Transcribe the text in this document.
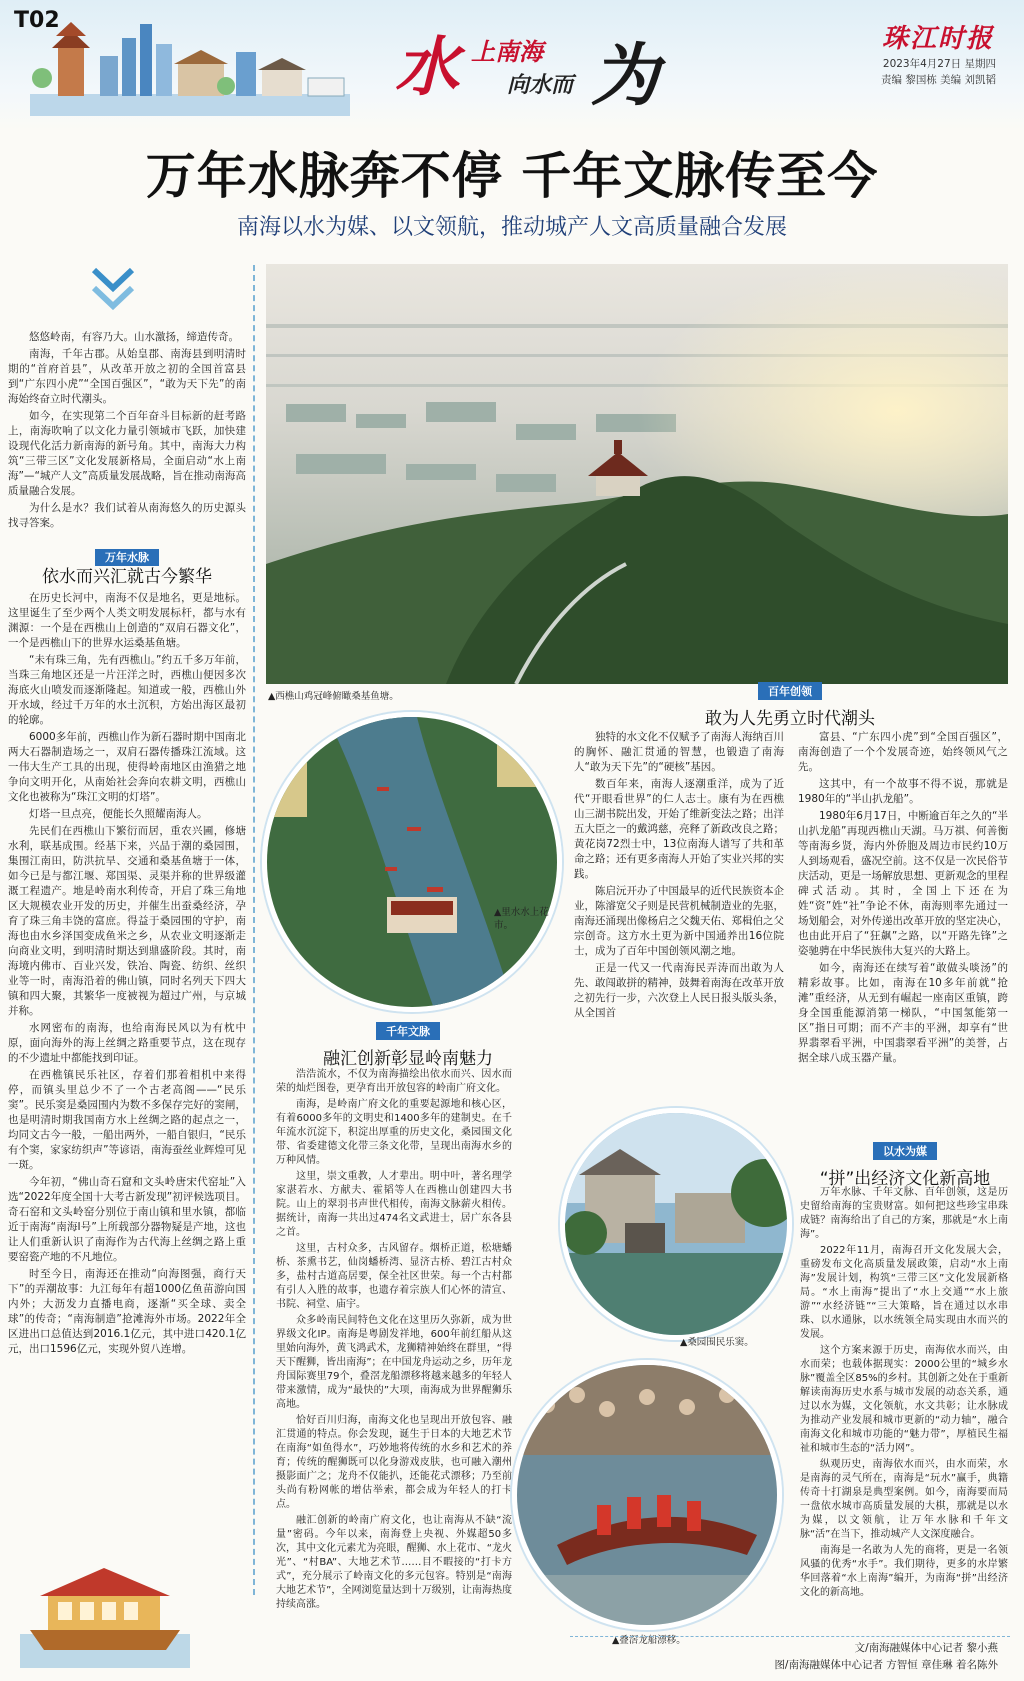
T02
水 上南海
向水而 为	珠江时报
2023年4月27日 星期四
责编 黎国栋 美编 刘凯韬
万年水脉奔不停 千年文脉传至今
南海以水为媒、以文领航，推动城产人文高质量融合发展

悠悠岭南，有容乃大。山水激扬，缔造传奇。

南海，千年古郡。从始皇郡、南海县到明清时期的“首府首县”，从改革开放之初的全国首富县到“广东四小虎”“全国百强区”，“敢为天下先”的南海始终奋立时代潮头。

如今，在实现第二个百年奋斗目标新的赶考路上，南海吹响了以文化力量引领城市飞跃，加快建设现代化活力新南海的新号角。其中，南海大力构筑“三带三区”文化发展新格局，全面启动“水上南海”—“城产人文”高质量发展战略，旨在推动南海高质量融合发展。

为什么是水？我们试着从南海悠久的历史源头找寻答案。

万年水脉
依水而兴汇就古今繁华

在历史长河中，南海不仅是地名，更是地标。这里诞生了至少两个人类文明发展标杆，都与水有渊源：一个是在西樵山上创造的“双肩石器文化”，一个是西樵山下的世界水运桑基鱼塘。

“未有珠三角，先有西樵山。”约五千多万年前，当珠三角地区还是一片汪洋之时，西樵山便因多次海底火山喷发而逐渐隆起。知道或一般，西樵山外开水域，经过千万年的水土沉积，方始出海区最初的轮廓。

6000多年前，西樵山作为新石器时期中国南北两大石器制造场之一，双肩石器传播珠江流域。这一伟大生产工具的出现，使得岭南地区由渔猎之地争向文明开化，从南始社会奔向农耕文明，西樵山文化也被称为“珠江文明的灯塔”。

灯塔一旦点亮，便能长久照耀南海人。

先民们在西樵山下繁衍而居，重农兴圃，修塘水利，联基成围。经基下来，兴品于潮的桑园围，集围江南田，防洪抗旱、交通和桑基鱼塘于一体，如今已是与都江堰、郑国渠、灵渠并称的世界级灌溉工程遗产。地是岭南水利传奇，开启了珠三角地区大规模农业开发的历史，并催生出蚕桑经济，孕育了珠三角丰饶的富庶。得益于桑园围的守护，南海也由水乡泽国变成鱼米之乡，从农业文明逐渐走向商业文明，到明清时期达到鼎盛阶段。其时，南海境内佛市、百业兴发，铁冶、陶瓷、纺织、丝织业等一时，南海沿着的佛山镇，同时名列天下四大镇和四大聚，其繁华一度被视为超过广州，与京城并称。

水网密布的南海，也给南海民风以为有枕中原，面向海外的海上丝绸之路重要节点，这在现存的不少遗址中都能找到印证。

在西樵镇民乐社区，存着们那着相机中来得停，而镇头里总少不了一个古老高阁——“民乐窦”。民乐窦是桑园围内为数不多保存完好的窦闸，也是明清时期我国南方水上丝绸之路的起点之一，均同文古今一般，一船出两外，一船自银归，“民乐有个窦，家家纺织声”等谚语，南海蚕丝业辉煌可见一斑。

今年初，“佛山奇石窟和文头岭唐宋代窑址”入选“2022年度全国十大考古新发现”初评候选项目。奇石窑和文头岭窑分别位于南山镇和里水镇，都临近于南海“南海I号”上所载部分器物疑是产地，这也让人们重新认识了南海作为古代海上丝绸之路上重要窑瓷产地的不凡地位。

时至今日，南海还在推动“向海图强，商行天下”的弄潮故事：九江每年有超1000亿鱼苗游向国内外；大沥发力直播电商，逐渐“买全球、卖全球”的传奇；“南海制造”抢滩海外市场。2022年全区进出口总值达到2016.1亿元，其中进口420.1亿元，出口1596亿元，实现外贸八连增。

▲西樵山鸡冠峰俯瞰桑基鱼塘。
▲里水水上花市。
百年创领
敢为人先勇立时代潮头

独特的水文化不仅赋予了南海人海纳百川的胸怀、融汇贯通的智慧，也锻造了南海人“敢为天下先”的“硬核”基因。

数百年来，南海人逐潮重洋，成为了近代“开眼看世界”的仁人志士。康有为在西樵山三湖书院出发，开始了维新变法之路；出洋五大臣之一的戴鸿慈，亮释了新政改良之路；黄花岗72烈士中，13位南海人谱写了共和革命之路；还有更多南海人开始了实业兴邦的实践。

陈启沅开办了中国最早的近代民族资本企业，陈濬宽父子则是民营机械制造业的先驱，南海还涌现出像杨启之父魏天佑、郑楫伯之父宗创奇。这方水土更为新中国通养出16位院士，成为了百年中国创领风潮之地。

正是一代又一代南海民弄涛而出敢为人先、敢闯敢拼的精神，鼓舞着南海在改革开放之初先行一步，六次登上人民日报头版头条，从全国首

富县、“广东四小虎”到“全国百强区”，南海创造了一个个发展奇迹，始终领风气之先。

这其中，有一个故事不得不说，那就是1980年的“半山扒龙船”。

1980年6月17日，中断逾百年之久的“半山扒龙船”再现西樵山天湖。马万祺、何善衡等南海乡贤，海内外侨胞及周边市民约10万人到场观看，盛况空前。这不仅是一次民俗节庆活动，更是一场解放思想、更新观念的里程碑式活动。其时，全国上下还在为姓“资”姓“社”争论不休，南海则率先通过一场划船会，对外传递出改革开放的坚定决心，也由此开启了“狂飙”之路，以“开路先锋”之姿驰骋在中华民族伟大复兴的大路上。

如今，南海还在续写着“敢做头啖汤”的精彩故事。比如，南海在10多年前就“抢滩”重经济，从无到有崛起一座南区重镇，跨身全国重能源消第一梯队，“中国氢能第一区”指日可期；而不产丰的平洲，却享有“世界翡翠看平洲，中国翡翠看平洲”的美誉，占据全球八成玉器产量。

千年文脉
融汇创新彰显岭南魅力

浩浩流水，不仅为南海描绘出依水而兴、因水而荣的灿烂图卷，更孕育出开放包容的岭南广府文化。

南海，是岭南广府文化的重要起源地和核心区，有着6000多年的文明史和1400多年的建制史。在千年流水沉淀下，积淀出厚重的历史文化，桑园围文化带、省委建德文化带三条文化带，呈现出南海水乡的万种风情。

这里，崇文重教，人才辈出。明中叶，著名理学家湛若水、方献夫、霍韬等人在西樵山创建四大书院。山上的翠羽书声世代相传，南海文脉薪火相传。据统计，南海一共出过474名文武进士，居广东各县之首。

这里，古村众多，古风留存。烟桥正道，松塘蟠桥、茶熏书艺，仙岗蟠桥湾、显济古桥、碧江古村众多，盐村古道高居要，保全社区世荣。每一个古村都有引人入胜的故事，也遗存着宗族人们心怀的清宣、书院、祠堂、庙宇。

众多岭南民间特色文化在这里历久弥新，成为世界级文化IP。南海是粤剧发祥地，600年前红船从这里始向海外，黄飞鸿武术，龙狮精神始终在群里，“得天下醒狮，皆出南海”；在中国龙舟运动之乡，历年龙舟国际赛里79个，叠滘龙船漂移将越来越多的年轻人带来激情，成为“最快的”大项，南海成为世界醒狮乐高地。

恰好百川归海，南海文化也呈现出开放包容、融汇贯通的特点。你会发现，诞生于日本的大地艺术节在南海“如鱼得水”，巧妙地将传统的水乡和艺术的养育；传统的醒狮既可以化身游戏皮肤，也可融入潮州摄影面广之；龙舟不仅能扒，还能花式漂移；乃至前头尚有粉网帐的增估举索，都会成为年轻人的打卡点。

融汇创新的岭南广府文化，也让南海从不缺“流量”密码。今年以来，南海登上央视、外媒超50多次，其中文化元素尤为亮眼，醒狮、水上花市、“龙火光”、“村BA”、大地艺术节……目不暇接的“打卡方式”，充分展示了岭南文化的多元包容。特别是“南海大地艺术节”，全网浏览量达到十万级别，让南海热度持续高涨。

▲桑园围民乐窦。
以水为媒
“拼”出经济文化新高地

万年水脉、千年文脉、百年创领，这是历史留给南海的宝贵财富。如何把这些珍宝串珠成链？南海给出了自己的方案，那就是“水上南海”。

2022年11月，南海召开文化发展大会，重磅发布文化高质量发展政策，启动“水上南海”发展计划，构筑“三带三区”文化发展新格局。“水上南海”提出了“水上交通”“水上旅游”“水经济链”“三大策略，旨在通过以水串珠、以水通脉，以水统领全局实现由水而兴的发展。

这个方案来源于历史，南海依水而兴，由水而荣；也载体据现实：2000公里的“城乡水脉”覆盖全区85%的乡村。其创新之处在于重新解读南海历史水系与城市发展的动态关系，通过以水为媒，文化领航，水文共彰；让水脉成为推动产业发展和城市更新的“动力轴”，融合南海文化和城市功能的“魅力带”，厚植民生福祉和城市生态的“活力网”。

纵观历史，南海依水而兴，由水而荣，水是南海的灵气所在，南海是“玩水”赢手，典籍传奇十打湖泉是典型案例。如今，南海要而局一盘依水城市高质量发展的大棋，那就是以水为媒，以文领航，让万年水脉和千年文脉“活”在当下，推动城产人文深度融合。

南海是一名敢为人先的商将，更是一名领风骚的优秀“水手”。我们期待，更多的水岸繁华回落着“水上南海”编开，为南海“拼”出经济文化的新高地。

▲叠滘龙船漂移。
文/南海融媒体中心记者 黎小燕
图/南海融媒体中心记者 方智恒 章佳琳 着名陈外
